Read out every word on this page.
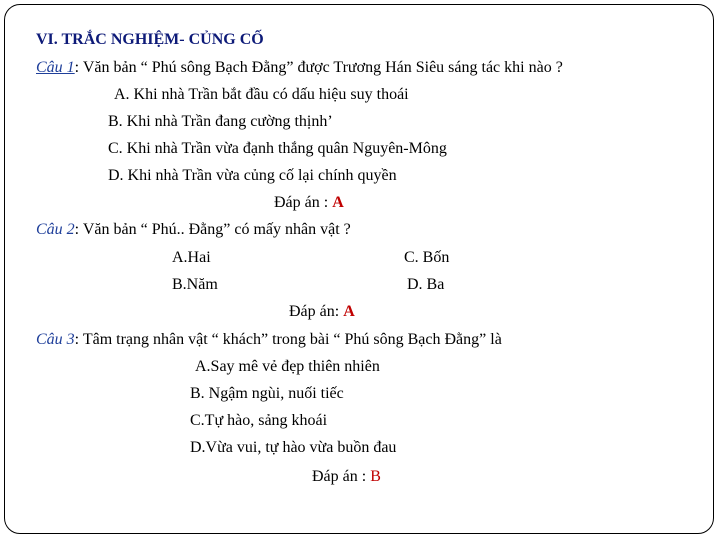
VI. TRẮC NGHIỆM- CỦNG CỐ
Câu 1: Văn bản “ Phú sông Bạch Đằng” được Trương Hán Siêu sáng tác khi nào ?
A. Khi nhà Trần bắt đầu có dấu hiệu suy thoái
B. Khi nhà Trần đang cường thịnh’
C. Khi nhà Trần vừa đạnh thắng quân Nguyên-Mông
D. Khi nhà Trần vừa củng cố lại chính quyền
Đáp án : A
Câu 2: Văn bản “ Phú.. Đằng” có mấy nhân vật ?
A.Hai	C. Bốn
B.Năm	D. Ba
Đáp án: A
Câu 3: Tâm trạng nhân vật “ khách” trong bài “ Phú sông Bạch Đằng” là
A.Say mê vẻ đẹp thiên nhiên
B. Ngậm ngùi, nuối tiếc
C.Tự hào, sảng khoái
D.Vừa vui, tự hào vừa buồn đau
Đáp án : B
